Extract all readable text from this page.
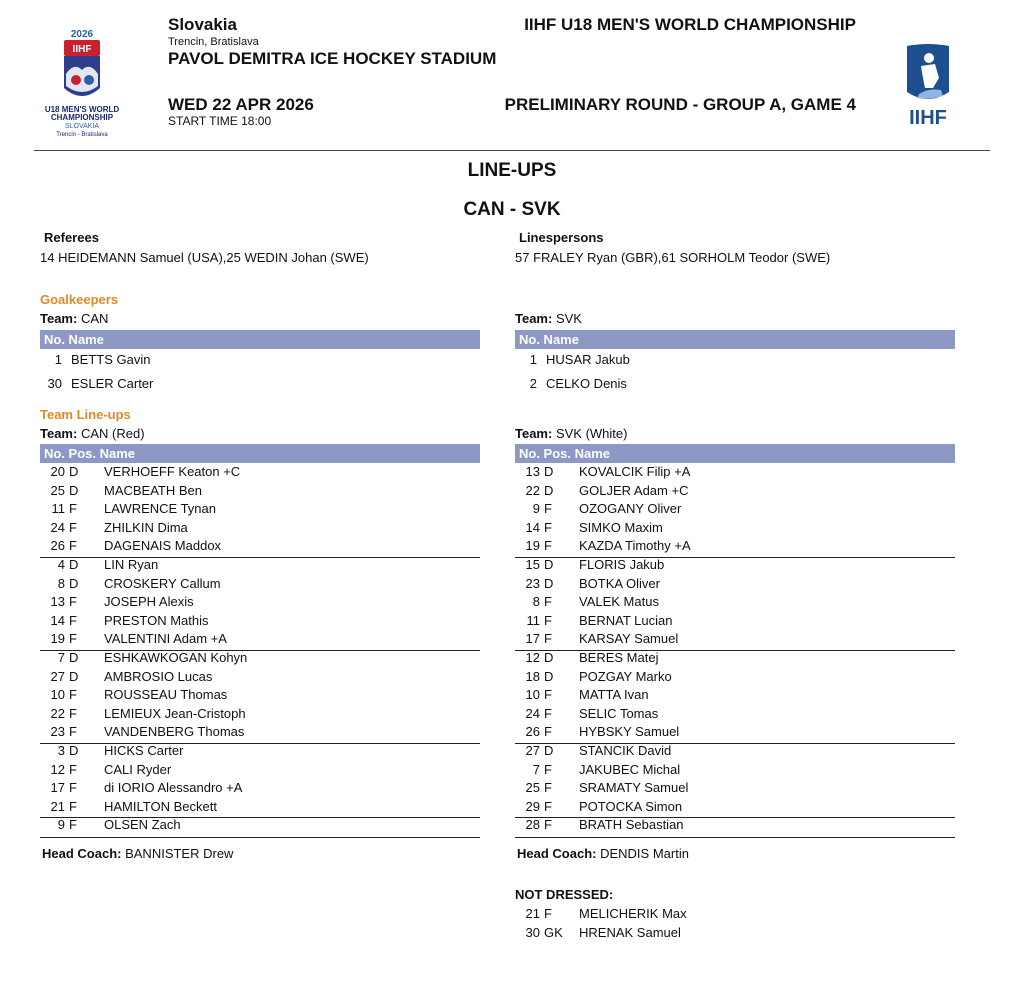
2026
IIHF
U18 MEN'S WORLD
CHAMPIONSHIP
SLOVAKIA
Trencin - Bratislava
Slovakia
Trencin, Bratislava
PAVOL DEMITRA ICE HOCKEY STADIUM
WED 22 APR 2026
START TIME 18:00
IIHF U18 MEN'S WORLD CHAMPIONSHIP
PRELIMINARY ROUND - GROUP A, GAME 4
IIHF
LINE-UPS
CAN - SVK
Referees
14 HEIDEMANN Samuel (USA),25 WEDIN Johan (SWE)
Linespersons
57 FRALEY Ryan (GBR),61 SORHOLM Teodor (SWE)
Goalkeepers
Team: CAN
No. Name
1 BETTS Gavin
30 ESLER Carter
Team: SVK
No. Name
1 HUSAR Jakub
2 CELKO Denis
Team Line-ups
Team: CAN (Red)
No. Pos. Name
20 D VERHOEFF Keaton +C
25 D MACBEATH Ben
11 F LAWRENCE Tynan
24 F ZHILKIN Dima
26 F DAGENAIS Maddox
4 D LIN Ryan
8 D CROSKERY Callum
13 F JOSEPH Alexis
14 F PRESTON Mathis
19 F VALENTINI Adam +A
7 D ESHKAWKOGAN Kohyn
27 D AMBROSIO Lucas
10 F ROUSSEAU Thomas
22 F LEMIEUX Jean-Cristoph
23 F VANDENBERG Thomas
3 D HICKS Carter
12 F CALI Ryder
17 F di IORIO Alessandro +A
21 F HAMILTON Beckett
9 F OLSEN Zach
Head Coach: BANNISTER Drew
Team: SVK (White)
No. Pos. Name
13 D KOVALCIK Filip +A
22 D GOLJER Adam +C
9 F OZOGANY Oliver
14 F SIMKO Maxim
19 F KAZDA Timothy +A
15 D FLORIS Jakub
23 D BOTKA Oliver
8 F VALEK Matus
11 F BERNAT Lucian
17 F KARSAY Samuel
12 D BERES Matej
18 D POZGAY Marko
10 F MATTA Ivan
24 F SELIC Tomas
26 F HYBSKY Samuel
27 D STANCIK David
7 F JAKUBEC Michal
25 F SRAMATY Samuel
29 F POTOCKA Simon
28 F BRATH Sebastian
Head Coach: DENDIS Martin
NOT DRESSED:
21 F MELICHERIK Max
30 GK HRENAK Samuel
